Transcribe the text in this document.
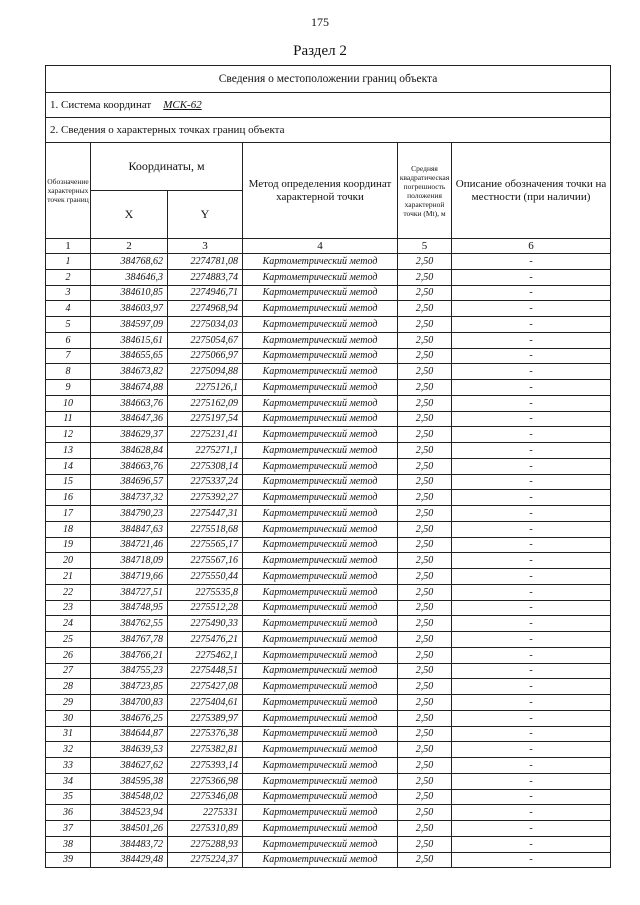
175
Раздел 2
Сведения о местоположении границ объекта					
1. Система координат МСК-62					
2. Сведения о характерных точках границ объекта					
Обозначение характерных точек границ	Координаты, м		Метод определения координат характерной точки	Средняя квадратическая погрешность положения характерной точки (Мt), м	Описание обозначения точки на местности (при наличии)
	X	Y			
1	2	3	4	5	6
1	384768,62	2274781,08	Картометрический метод	2,50	-
2	384646,3	2274883,74	Картометрический метод	2,50	-
3	384610,85	2274946,71	Картометрический метод	2,50	-
4	384603,97	2274968,94	Картометрический метод	2,50	-
5	384597,09	2275034,03	Картометрический метод	2,50	-
6	384615,61	2275054,67	Картометрический метод	2,50	-
7	384655,65	2275066,97	Картометрический метод	2,50	-
8	384673,82	2275094,88	Картометрический метод	2,50	-
9	384674,88	2275126,1	Картометрический метод	2,50	-
10	384663,76	2275162,09	Картометрический метод	2,50	-
11	384647,36	2275197,54	Картометрический метод	2,50	-
12	384629,37	2275231,41	Картометрический метод	2,50	-
13	384628,84	2275271,1	Картометрический метод	2,50	-
14	384663,76	2275308,14	Картометрический метод	2,50	-
15	384696,57	2275337,24	Картометрический метод	2,50	-
16	384737,32	2275392,27	Картометрический метод	2,50	-
17	384790,23	2275447,31	Картометрический метод	2,50	-
18	384847,63	2275518,68	Картометрический метод	2,50	-
19	384721,46	2275565,17	Картометрический метод	2,50	-
20	384718,09	2275567,16	Картометрический метод	2,50	-
21	384719,66	2275550,44	Картометрический метод	2,50	-
22	384727,51	2275535,8	Картометрический метод	2,50	-
23	384748,95	2275512,28	Картометрический метод	2,50	-
24	384762,55	2275490,33	Картометрический метод	2,50	-
25	384767,78	2275476,21	Картометрический метод	2,50	-
26	384766,21	2275462,1	Картометрический метод	2,50	-
27	384755,23	2275448,51	Картометрический метод	2,50	-
28	384723,85	2275427,08	Картометрический метод	2,50	-
29	384700,83	2275404,61	Картометрический метод	2,50	-
30	384676,25	2275389,97	Картометрический метод	2,50	-
31	384644,87	2275376,38	Картометрический метод	2,50	-
32	384639,53	2275382,81	Картометрический метод	2,50	-
33	384627,62	2275393,14	Картометрический метод	2,50	-
34	384595,38	2275366,98	Картометрический метод	2,50	-
35	384548,02	2275346,08	Картометрический метод	2,50	-
36	384523,94	2275331	Картометрический метод	2,50	-
37	384501,26	2275310,89	Картометрический метод	2,50	-
38	384483,72	2275288,93	Картометрический метод	2,50	-
39	384429,48	2275224,37	Картометрический метод	2,50	-
